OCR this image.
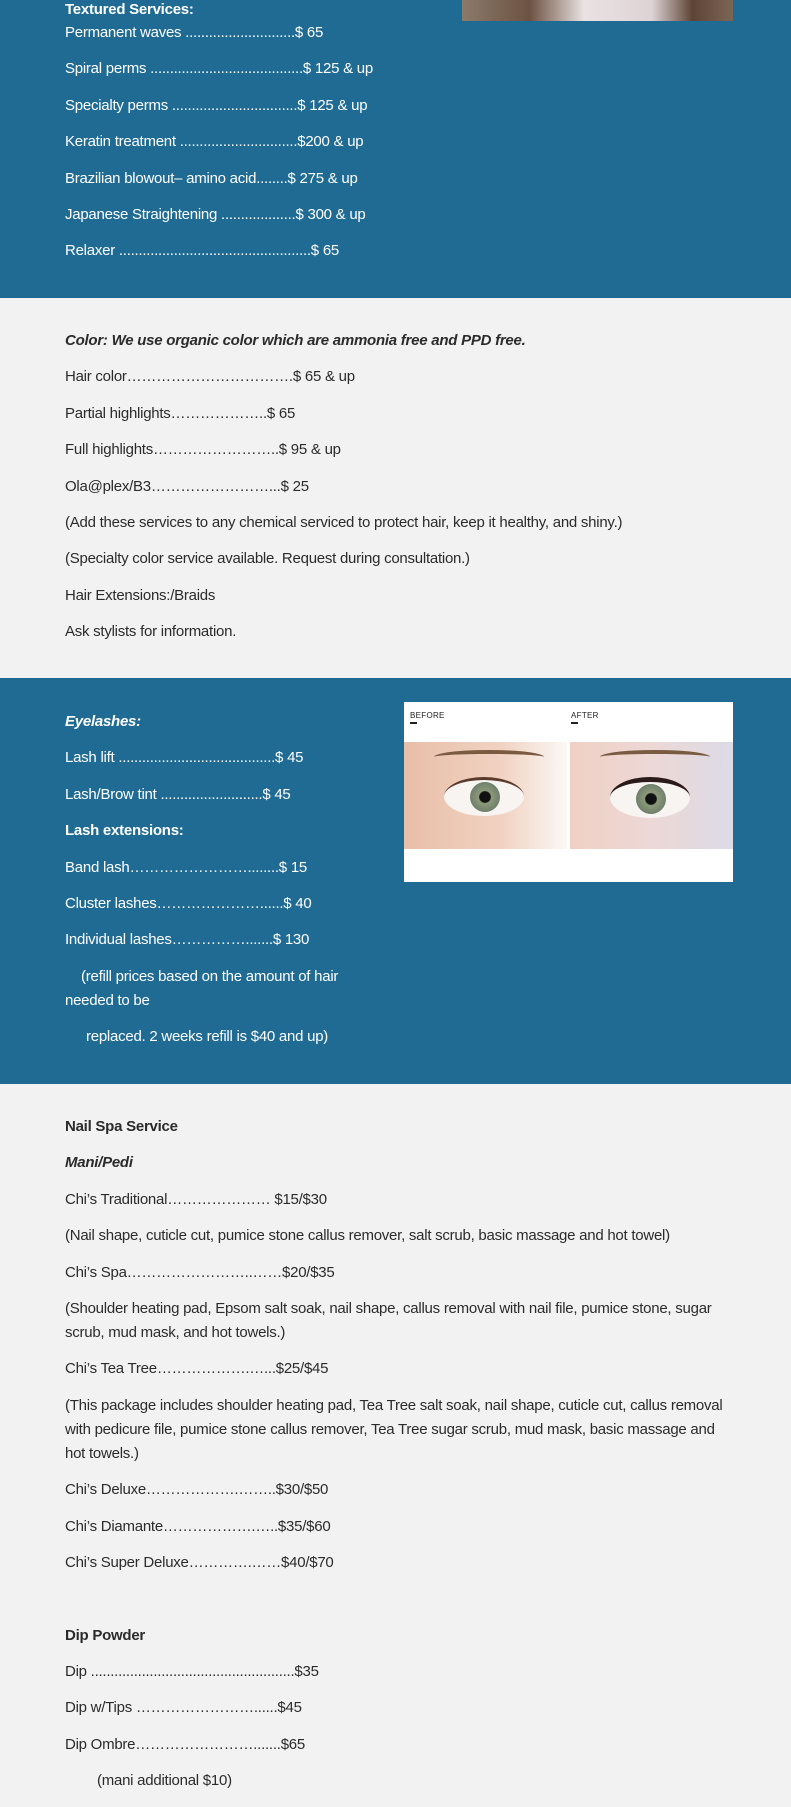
Textured Services:

Permanent waves ............................$ 65

Spiral perms .......................................$ 125 & up

Specialty perms ................................$ 125 & up

Keratin treatment ..............................$200 & up

Brazilian blowout– amino acid........$ 275 & up

Japanese Straightening ...................$ 300 & up

Relaxer .................................................$ 65

Color: We use organic color which are ammonia free and PPD free.

Hair color…………………………….$ 65 & up

Partial highlights………………..$ 65

Full highlights……………………..$ 95 & up

Ola@plex/B3……………………...$ 25

(Add these services to any chemical serviced to protect hair, keep it healthy, and shiny.)

(Specialty color service available. Request during consultation.)

Hair Extensions:/Braids

Ask stylists for information.

BEFORE	AFTER

Eyelashes:

Lash lift ........................................$ 45

Lash/Brow tint ..........................$ 45

Lash extensions:

Band lash……………………........$ 15

Cluster lashes…………………......$ 40

Individual lashes…………….......$ 130

(refill prices based on the amount of hair needed to be

replaced. 2 weeks refill is $40 and up)

Nail Spa Service

Mani/Pedi

Chi’s Traditional………………… $15/$30

(Nail shape, cuticle cut, pumice stone callus remover, salt scrub, basic massage and hot towel)

Chi’s Spa……………………..……$20/$35

(Shoulder heating pad, Epsom salt soak, nail shape, callus removal with nail file, pumice stone, sugar scrub, mud mask, and hot towels.)

Chi’s Tea Tree……………….…...$25/$45

(This package includes shoulder heating pad, Tea Tree salt soak, nail shape, cuticle cut, callus removal with pedicure file, pumice stone callus remover, Tea Tree sugar scrub, mud mask, basic massage and hot towels.)

Chi’s Deluxe……………….……..$30/$50

Chi’s Diamante……………….…..$35/$60

Chi’s Super Deluxe………….……$40/$70

Dip Powder

Dip ....................................................$35

Dip w/Tips ……………………......$45

Dip Ombre…………………….......$65

(mani additional $10)
